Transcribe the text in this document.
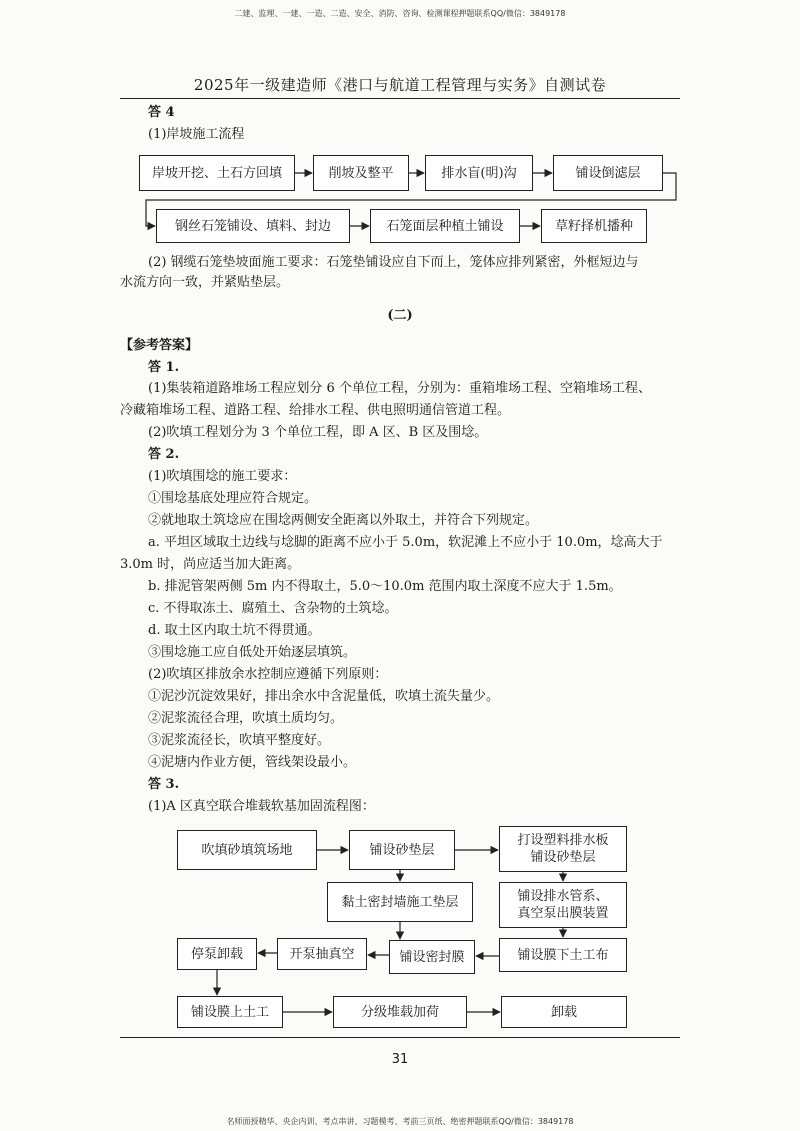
二建、监理、一建、一造、二造、安全、消防、咨询、检测课程押题联系QQ/微信：3849178
2025年一级建造师《港口与航道工程管理与实务》自测试卷
答 4
(1)岸坡施工流程
岸坡开挖、土石方回填	削坡及整平	排水盲(明)沟	铺设倒滤层
钢丝石笼铺设、填料、封边	石笼面层种植土铺设	草籽择机播种
(2) 钢缆石笼垫坡面施工要求：石笼垫铺设应自下而上，笼体应排列紧密，外框短边与
水流方向一致，并紧贴垫层。
(二)
【参考答案】
答 1.
(1)集装箱道路堆场工程应划分 6 个单位工程，分别为：重箱堆场工程、空箱堆场工程、
冷藏箱堆场工程、道路工程、给排水工程、供电照明通信管道工程。
(2)吹填工程划分为 3 个单位工程，即 A 区、B 区及围埝。
答 2.
(1)吹填围埝的施工要求：
①围埝基底处理应符合规定。
②就地取土筑埝应在围埝两侧安全距离以外取土，并符合下列规定。
a. 平坦区域取土边线与埝脚的距离不应小于 5.0m，软泥滩上不应小于 10.0m，埝高大于
3.0m 时，尚应适当加大距离。
b. 排泥管架两侧 5m 内不得取土，5.0～10.0m 范围内取土深度不应大于 1.5m。
c. 不得取冻土、腐殖土、含杂物的土筑埝。
d. 取土区内取土坑不得贯通。
③围埝施工应自低处开始逐层填筑。
(2)吹填区排放余水控制应遵循下列原则：
①泥沙沉淀效果好，排出余水中含泥量低，吹填土流失量少。
②泥浆流径合理，吹填土质均匀。
③泥浆流径长，吹填平整度好。
④泥塘内作业方便，管线架设最小。
答 3.
(1)A 区真空联合堆载软基加固流程图：
吹填砂填筑场地	铺设砂垫层
打设塑料排水板
铺设砂垫层
黏土密封墙施工垫层	铺设排水管系、
真空泵出膜装置
停泵卸载	开泵抽真空	铺设密封膜	铺设膜下土工布
铺设膜上土工	分级堆载加荷	卸载
31
名师面授精华、央企内训、考点串讲、习题模考、考前三页纸、绝密押题联系QQ/微信：3849178
